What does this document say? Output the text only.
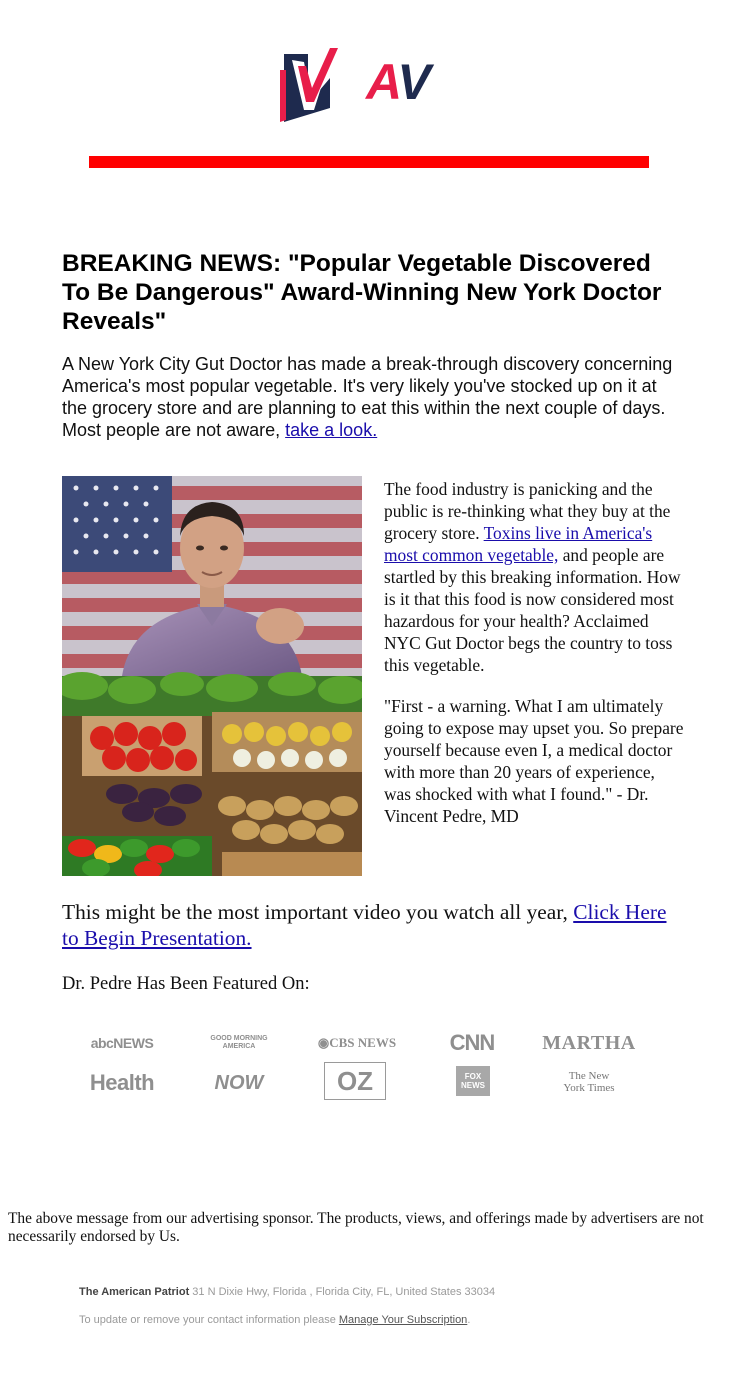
AV
BREAKING NEWS: "Popular Vegetable Discovered To Be Dangerous" Award-Winning New York Doctor Reveals"

A New York City Gut Doctor has made a break-through discovery concerning America's most popular vegetable. It's very likely you've stocked up on it at the grocery store and are planning to eat this within the next couple of days. Most people are not aware, take a look.

The food industry is panicking and the public is re-thinking what they buy at the grocery store. Toxins live in America's most common vegetable, and people are startled by this breaking information. How is it that this food is now considered most hazardous for your health? Acclaimed NYC Gut Doctor begs the country to toss this vegetable.

"First - a warning. What I am ultimately going to expose may upset you. So prepare yourself because even I, a medical doctor with more than 20 years of experience, was shocked with what I found." - Dr. Vincent Pedre, MD

This might be the most important video you watch all year, Click Here to Begin Presentation.

Dr. Pedre Has Been Featured On:

abcNEWS	GOOD MORNING AMERICA	◉CBS NEWS CNN MARTHA
Health	NOW	OZ	FOX NEWS
The New York Times

The above message from our advertising sponsor. The products, views, and offerings made by advertisers are not necessarily endorsed by Us.

The American Patriot 31 N Dixie Hwy, Florida , Florida City, FL, United States 33034

To update or remove your contact information please Manage Your Subscription.
